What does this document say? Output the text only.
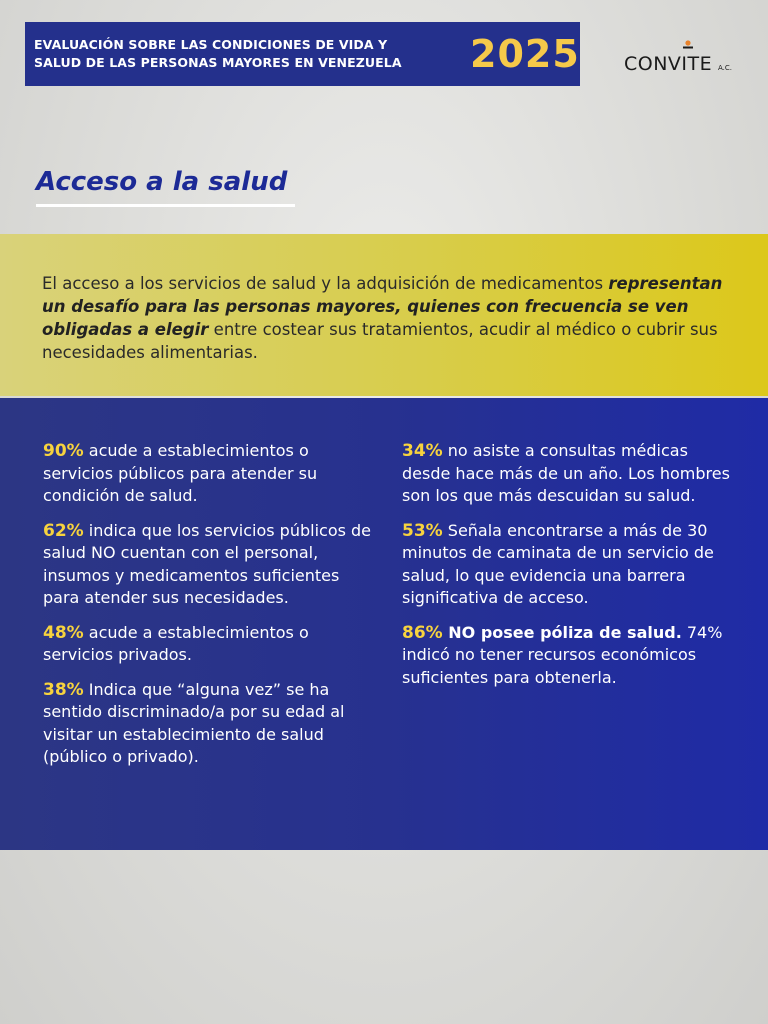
EVALUACIÓN SOBRE LAS CONDICIONES DE VIDA Y
SALUD DE LAS PERSONAS MAYORES EN VENEZUELA	2025 CONVITE A.C.
Acceso a la salud
El acceso a los servicios de salud y la adquisición de medicamentos representan un desafío para las personas mayores, quienes con frecuencia se ven obligadas a elegir entre costear sus tratamientos, acudir al médico o cubrir sus necesidades alimentarias.
90% acude a establecimientos o servicios públicos para atender su condición de salud.
62% indica que los servicios públicos de salud NO cuentan con el personal, insumos y medicamentos suficientes para atender sus necesidades.
48% acude a establecimientos o servicios privados.
38% Indica que “alguna vez” se ha sentido discriminado/a por su edad al visitar un establecimiento de salud (público o privado).
34% no asiste a consultas médicas desde hace más de un año. Los hombres son los que más descuidan su salud.
53% Señala encontrarse a más de 30 minutos de caminata de un servicio de salud, lo que evidencia una barrera significativa de acceso.
86% NO posee póliza de salud. 74% indicó no tener recursos económicos suficientes para obtenerla.
